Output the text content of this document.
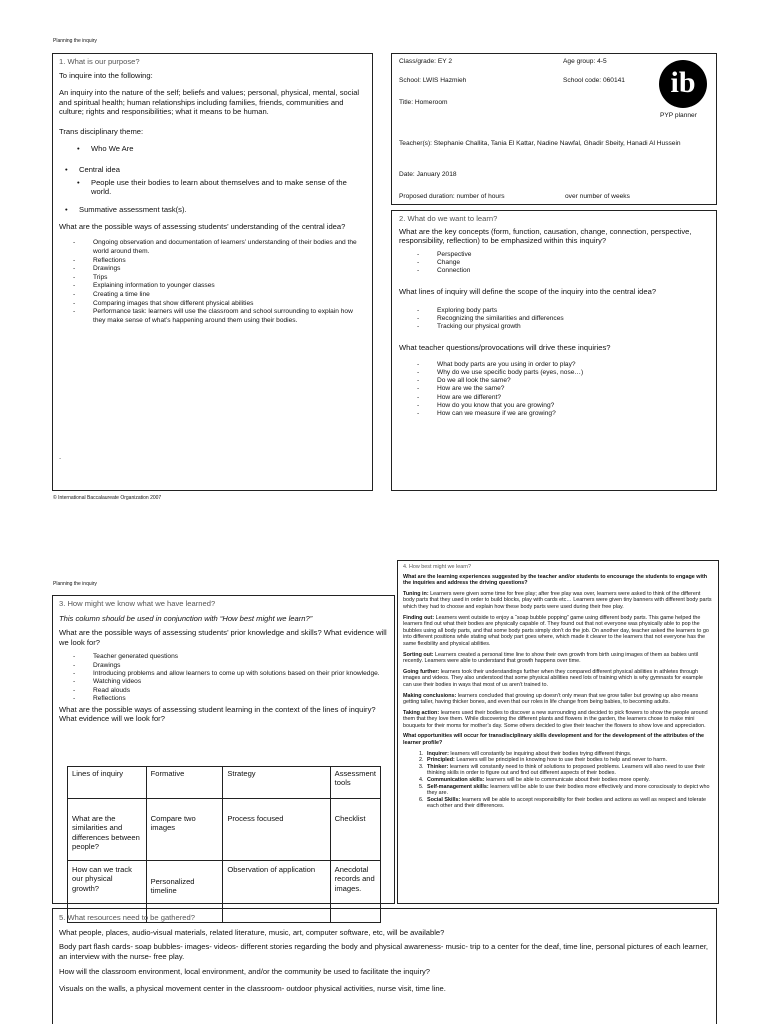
Planning the inquiry
1. What is our purpose?
To inquire into the following:
An inquiry into the nature of the self; beliefs and values; personal, physical, mental, social and spiritual health; human relationships including families, friends, communities and culture; rights and responsibilities; what it means to be human.
Trans disciplinary theme:
• Who We Are
• Central idea
• People use their bodies to learn about themselves and to make sense of the world.
• Summative assessment task(s).
What are the possible ways of assessing students’ understanding of the central idea?
- Ongoing observation and documentation of learners’ understanding of their bodies and the world around them.
- Reflections
- Drawings
- Trips
- Explaining information to younger classes
- Creating a time line
- Comparing images that show different physical abilities
- Performance task: learners will use the classroom and school surrounding to explain how they make sense of what’s happening around them using their bodies.
.
Class/grade: EY 2	Age group: 4-5
School: LWIS Hazmieh	School code: 060141
Title: Homeroom
ib
PYP planner
Teacher(s): Stephanie Challita, Tania El Kattar, Nadine Nawfal, Ghadir Sbeity, Hanadi Al Hussein
Date: January 2018
Proposed duration: number of hours	over number of weeks
2. What do we want to learn?
What are the key concepts (form, function, causation, change, connection, perspective, responsibility, reflection) to be emphasized within this inquiry?
- Perspective
- Change
- Connection
What lines of inquiry will define the scope of the inquiry into the central idea?
- Exploring body parts
- Recognizing the similarities and differences
- Tracking our physical growth
What teacher questions/provocations will drive these inquiries?
- What body parts are you using in order to play?
- Why do we use specific body parts (eyes, nose…)
- Do we all look the same?
- How are we the same?
- How are we different?
- How do you know that you are growing?
- How can we measure if we are growing?
© International Baccalaureate Organization 2007
Planning the inquiry
3. How might we know what we have learned?
This column should be used in conjunction with “How best might we learn?”
What are the possible ways of assessing students’ prior knowledge and skills? What evidence will we look for?
- Teacher generated questions
- Drawings
- Introducing problems and allow learners to come up with solutions based on their prior knowledge.
- Watching videos
- Read alouds
- Reflections
What are the possible ways of assessing student learning in the context of the lines of inquiry? What evidence will we look for?
Lines of inquiry	Formative	Strategy	Assessment tools
What are the similarities and differences between people?	Compare two images	Process focused	Checklist
How can we track our physical growth?	Personalized timeline	Observation of application	Anecdotal records and images.
4. How best might we learn?
What are the learning experiences suggested by the teacher and/or students to encourage the students to engage with the inquiries and address the driving questions?
Tuning in: Learners were given some time for free play; after free play was over, learners were asked to think of the different body parts that they used in order to build blocks, play with cards etc… Learners were given tiny banners with different body parts which they had to choose and explain how these body parts were used during their free play.
Finding out: Learners went outside to enjoy a “soap bubble popping” game using different body parts. This game helped the learners find out what their bodies are physically capable of. They found out that not everyone was physically able to pop the bubbles using all body parts, and that some body parts simply don’t do the job. On another day, teacher asked the learners to go into different positions while stating what body part goes where, which made it clearer to the learners that not everyone has the same flexibility and physical abilities.
Sorting out: Learners created a personal time line to show their own growth from birth using images of them as babies until recently. Learners were able to understand that growth happens over time.
Going further: learners took their understandings further when they compared different physical abilities in athletes through images and videos. They also understood that some physical abilities need lots of training which is why gymnasts for example can use their bodies in ways that most of us aren’t trained to.
Making conclusions: learners concluded that growing up doesn’t only mean that we grow taller but growing up also means getting taller, having thicker bones, and even that our roles in life change from being babies, to becoming adults.
Taking action: learners used their bodies to discover a new surrounding and decided to pick flowers to show the people around them that they love them. While discovering the different plants and flowers in the garden, the learners chose to make mini bouquets for their moms for mother’s day. Some others decided to give their teacher the flowers to show love and appreciation.
What opportunities will occur for transdisciplinary skills development and for the development of the attributes of the learner profile?
1. Inquirer: learners will constantly be inquiring about their bodies trying different things.
2. Principled: Learners will be principled in knowing how to use their bodies to help and never to harm.
3. Thinker: learners will constantly need to think of solutions to proposed problems. Learners will also need to use their thinking skills in order to figure out and find out different aspects of their bodies.
4. Communication skills: learners will be able to communicate about their bodies more openly.
5. Self-management skills: learners will be able to use their bodies more effectively and more consciously to depict who they are.
6. Social Skills: learners will be able to accept responsibility for their bodies and actions as well as respect and tolerate each other and their differences.
5. What resources need to be gathered?
What people, places, audio-visual materials, related literature, music, art, computer software, etc, will be available?
Body part flash cards- soap bubbles- images- videos- different stories regarding the body and physical awareness- music- trip to a center for the deaf, time line, personal pictures of each learner, an interview with the nurse- free play.
How will the classroom environment, local environment, and/or the community be used to facilitate the inquiry?
Visuals on the walls, a physical movement center in the classroom- outdoor physical activities, nurse visit, time line.
